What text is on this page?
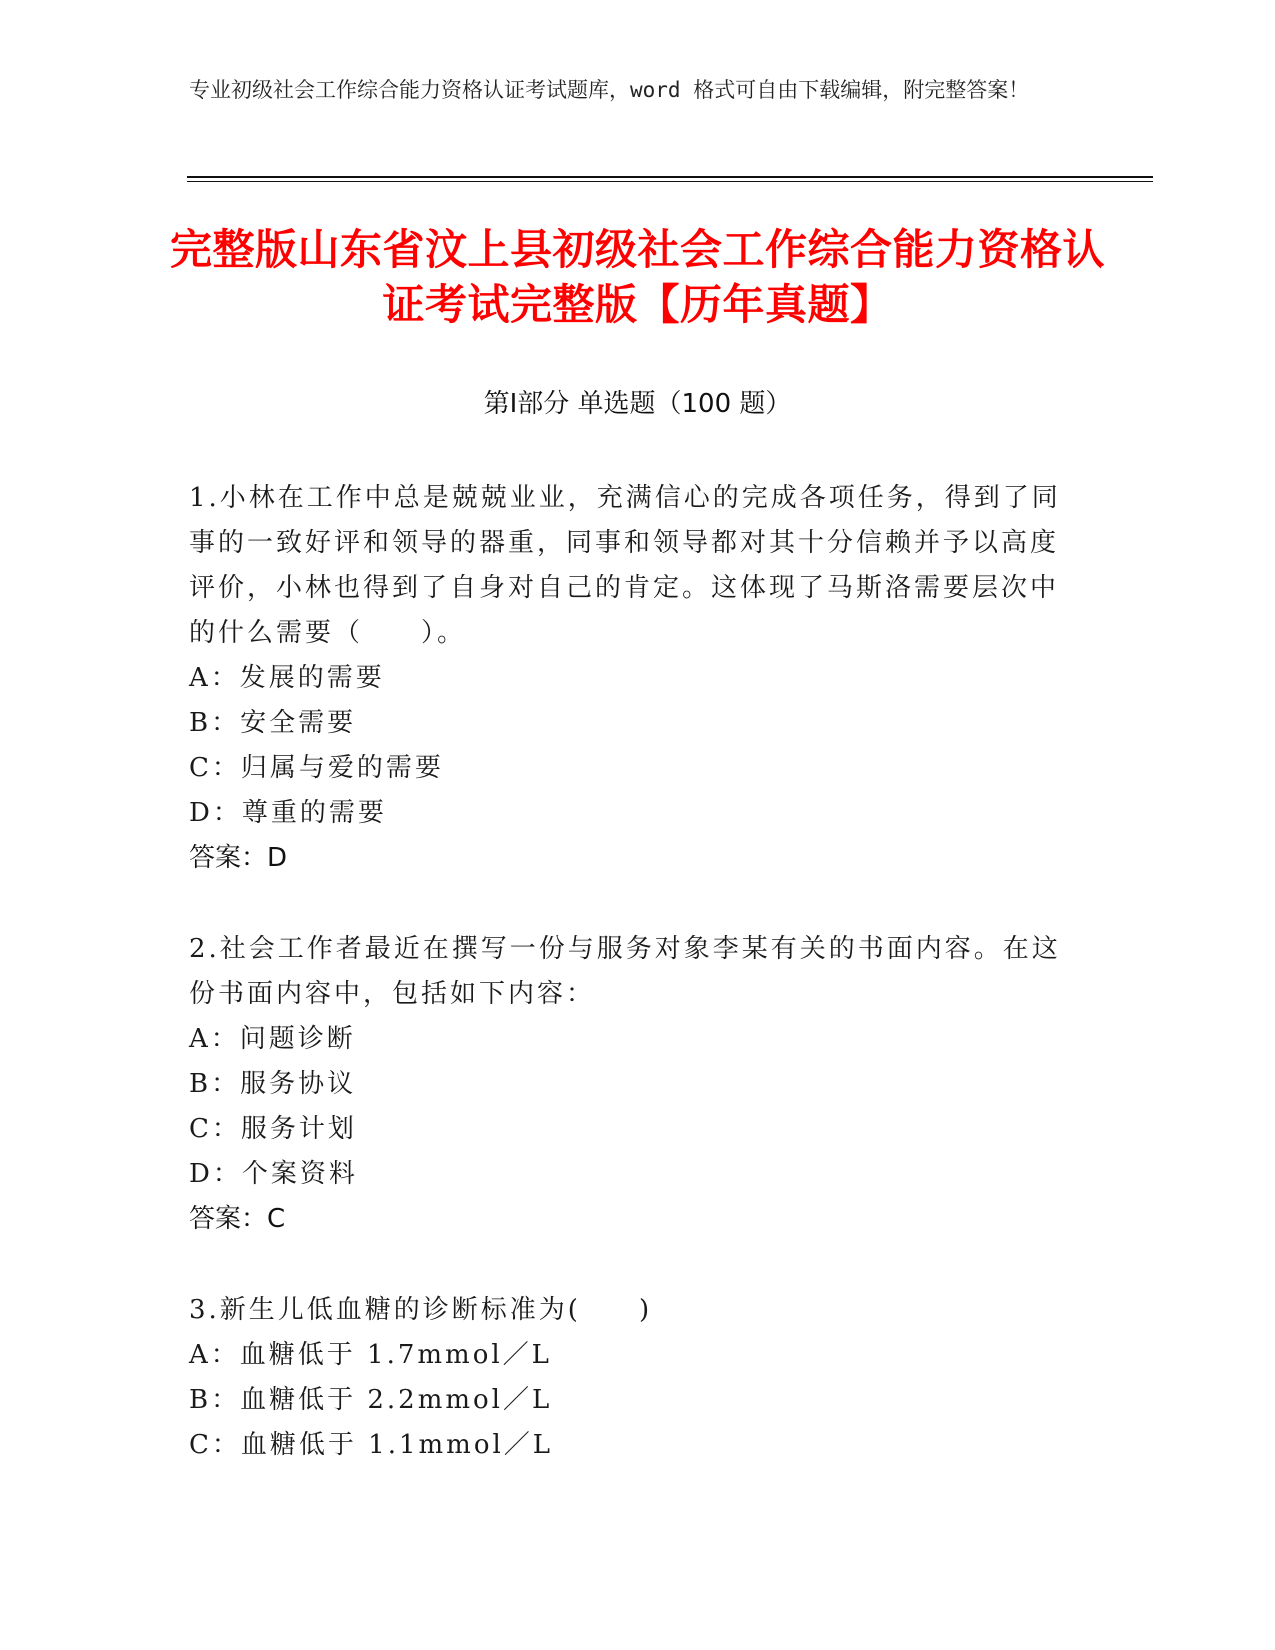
专业初级社会工作综合能力资格认证考试题库，word 格式可自由下载编辑，附完整答案！
完整版山东省汶上县初级社会工作综合能力资格认证考试完整版【历年真题】
第Ⅰ部分 单选题（100 题）
1.小林在工作中总是兢兢业业，充满信心的完成各项任务，得到了同事的一致好评和领导的器重，同事和领导都对其十分信赖并予以高度评价，小林也得到了自身对自己的肯定。这体现了马斯洛需要层次中的什么需要（　　）。
A：发展的需要
B：安全需要
C：归属与爱的需要
D：尊重的需要
答案：D
2.社会工作者最近在撰写一份与服务对象李某有关的书面内容。在这份书面内容中，包括如下内容：
A：问题诊断
B：服务协议
C：服务计划
D：个案资料
答案：C
3.新生儿低血糖的诊断标准为(　　)
A：血糖低于 1.7mmol／L
B：血糖低于 2.2mmol／L
C：血糖低于 1.1mmol／L
